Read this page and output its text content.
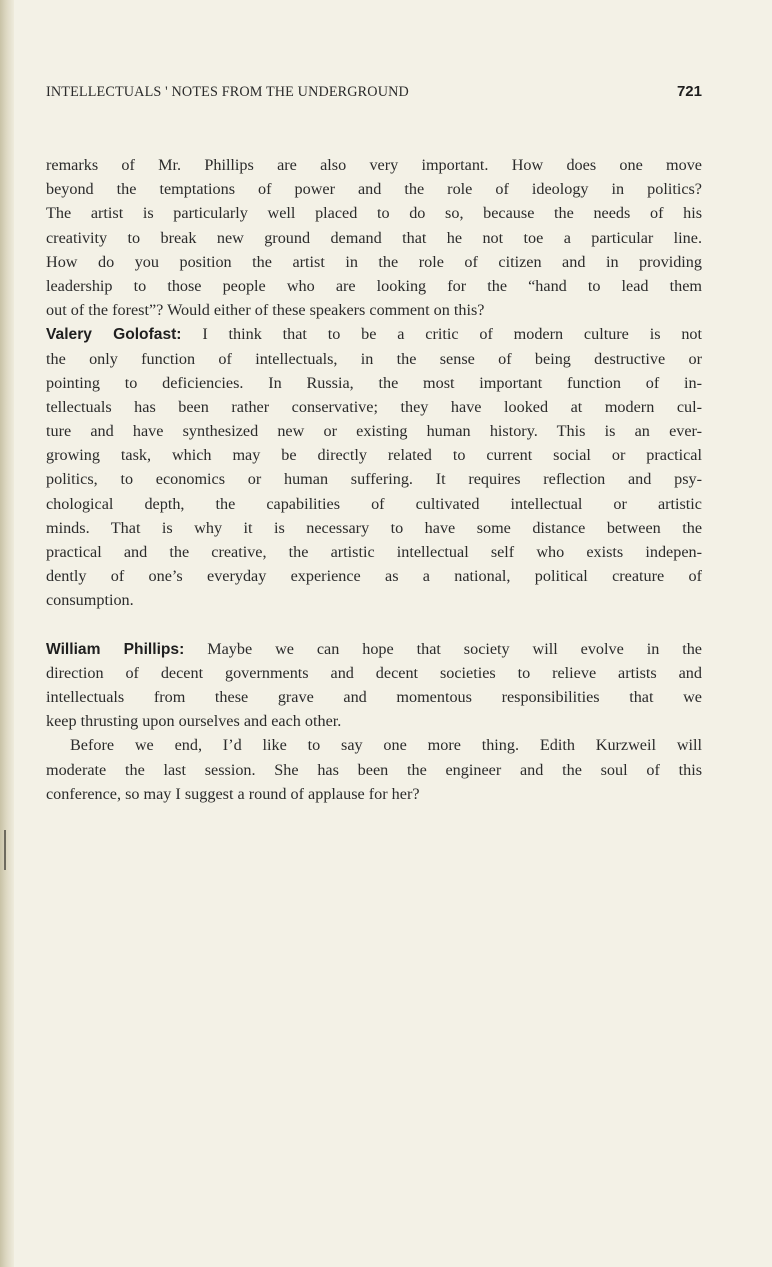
INTELLECTUALS ' NOTES FROM THE UNDERGROUND	721
remarks of Mr. Phillips are also very important. How does one move
beyond the temptations of power and the role of ideology in politics?
The artist is particularly well placed to do so, because the needs of his
creativity to break new ground demand that he not toe a particular line.
How do you position the artist in the role of citizen and in providing
leadership to those people who are looking for the “hand to lead them
out of the forest”? Would either of these speakers comment on this?
Valery Golofast: I think that to be a critic of modern culture is not
the only function of intellectuals, in the sense of being destructive or
pointing to deficiencies. In Russia, the most important function of in-
tellectuals has been rather conservative; they have looked at modern cul-
ture and have synthesized new or existing human history. This is an ever-
growing task, which may be directly related to current social or practical
politics, to economics or human suffering. It requires reflection and psy-
chological depth, the capabilities of cultivated intellectual or artistic
minds. That is why it is necessary to have some distance between the
practical and the creative, the artistic intellectual self who exists indepen-
dently of one’s everyday experience as a national, political creature of
consumption.
William Phillips: Maybe we can hope that society will evolve in the
direction of decent governments and decent societies to relieve artists and
intellectuals from these grave and momentous responsibilities that we
keep thrusting upon ourselves and each other.
Before we end, I’d like to say one more thing. Edith Kurzweil will
moderate the last session. She has been the engineer and the soul of this
conference, so may I suggest a round of applause for her?
